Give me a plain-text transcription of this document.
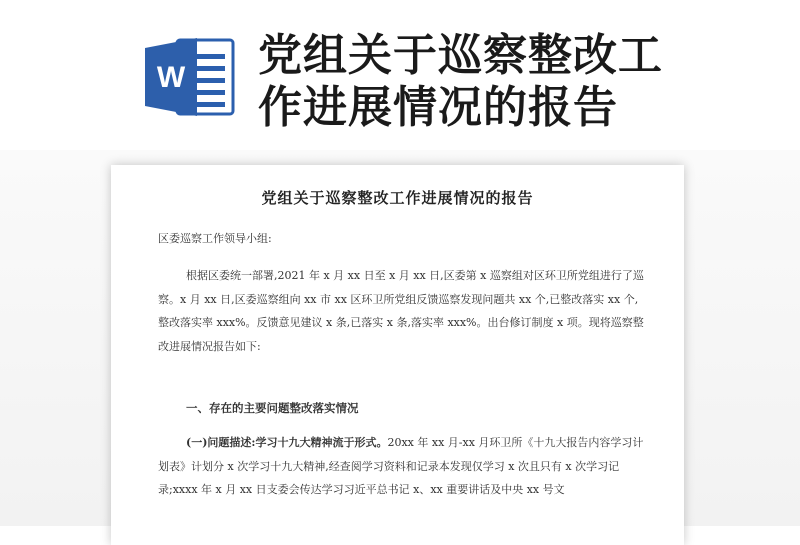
W 党组关于巡察整改工作进展情况的报告
党组关于巡察整改工作进展情况的报告

区委巡察工作领导小组:

根据区委统一部署,2021 年 x 月 xx 日至 x 月 xx 日,区委第 x 巡察组对区环卫所党组进行了巡察。x 月 xx 日,区委巡察组向 xx 市 xx 区环卫所党组反馈巡察发现问题共 xx 个,已整改落实 xx 个,整改落实率 xxx%。反馈意见建议 x 条,已落实 x 条,落实率 xxx%。出台修订制度 x 项。现将巡察整改进展情况报告如下:

一、存在的主要问题整改落实情况

(一)问题描述:学习十九大精神流于形式。20xx 年 xx 月-xx 月环卫所《十九大报告内容学习计划表》计划分 x 次学习十九大精神,经查阅学习资料和记录本发现仅学习 x 次且只有 x 次学习记录;xxxx 年 x 月 xx 日支委会传达学习习近平总书记 x、xx 重要讲话及中央 xx 号文
